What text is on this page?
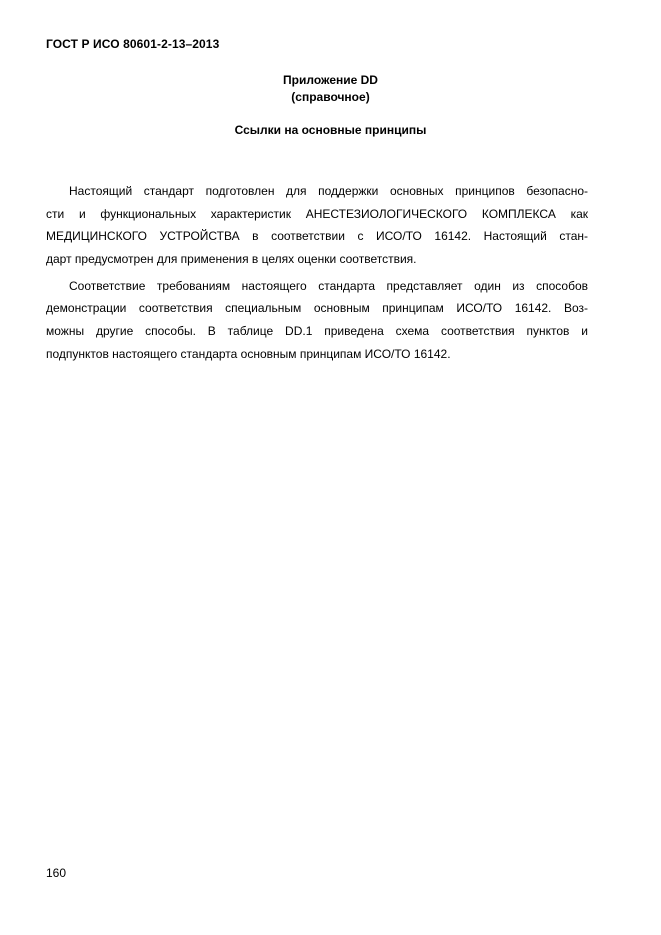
ГОСТ Р ИСО 80601-2-13–2013
Приложение DD
(справочное)
Ссылки на основные принципы
Настоящий стандарт подготовлен для поддержки основных принципов безопасно-
сти и функциональных характеристик АНЕСТЕЗИОЛОГИЧЕСКОГО КОМПЛЕКСА как
МЕДИЦИНСКОГО УСТРОЙСТВА в соответствии с ИСО/ТО 16142. Настоящий стан-
дарт предусмотрен для применения в целях оценки соответствия.
Соответствие требованиям настоящего стандарта представляет один из способов
демонстрации соответствия специальным основным принципам ИСО/ТО 16142. Воз-
можны другие способы. В таблице DD.1 приведена схема соответствия пунктов и
подпунктов настоящего стандарта основным принципам ИСО/ТО 16142.
160
